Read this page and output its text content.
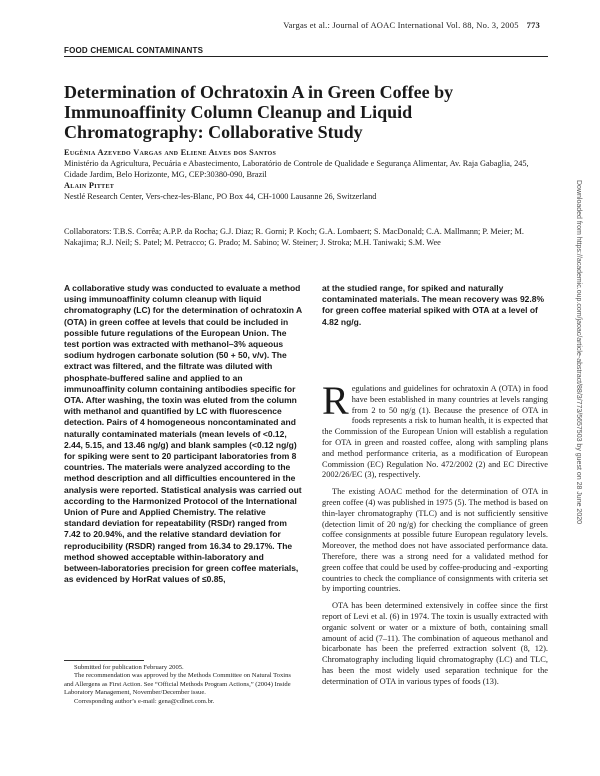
Vargas et al.: Journal of AOAC International Vol. 88, No. 3, 2005 773
FOOD CHEMICAL CONTAMINANTS
Determination of Ochratoxin A in Green Coffee by Immunoaffinity Column Cleanup and Liquid Chromatography: Collaborative Study
Eugênia Azevedo Vargas and Eliene Alves dos Santos
Ministério da Agricultura, Pecuária e Abastecimento, Laboratório de Controle de Qualidade e Segurança Alimentar, Av. Raja Gabaglia, 245, Cidade Jardim, Belo Horizonte, MG, CEP:30380-090, Brazil
Alain Pittet
Nestlé Research Center, Vers-chez-les-Blanc, PO Box 44, CH-1000 Lausanne 26, Switzerland
Collaborators: T.B.S. Corrêa; A.P.P. da Rocha; G.J. Diaz; R. Gorni; P. Koch; G.A. Lombaert; S. MacDonald; C.A. Mallmann; P. Meier; M. Nakajima; R.J. Neil; S. Patel; M. Petracco; G. Prado; M. Sabino; W. Steiner; J. Stroka; M.H. Taniwaki; S.M. Wee
A collaborative study was conducted to evaluate a method using immunoaffinity column cleanup with liquid chromatography (LC) for the determination of ochratoxin A (OTA) in green coffee at levels that could be included in possible future regulations of the European Union. The test portion was extracted with methanol–3% aqueous sodium hydrogen carbonate solution (50 + 50, v/v). The extract was filtered, and the filtrate was diluted with phosphate-buffered saline and applied to an immunoaffinity column containing antibodies specific for OTA. After washing, the toxin was eluted from the column with methanol and quantified by LC with fluorescence detection. Pairs of 4 homogeneous noncontaminated and naturally contaminated materials (mean levels of <0.12, 2.44, 5.15, and 13.46 ng/g) and blank samples (<0.12 ng/g) for spiking were sent to 20 participant laboratories from 8 countries. The materials were analyzed according to the method description and all difficulties encountered in the analysis were reported. Statistical analysis was carried out according to the Harmonized Protocol of the International Union of Pure and Applied Chemistry. The relative standard deviation for repeatability (RSDr) ranged from 7.42 to 20.94%, and the relative standard deviation for reproducibility (RSDR) ranged from 16.34 to 29.17%. The method showed acceptable within-laboratory and between-laboratories precision for green coffee materials, as evidenced by HorRat values of ≤0.85,
at the studied range, for spiked and naturally contaminated materials. The mean recovery was 92.8% for green coffee material spiked with OTA at a level of 4.82 ng/g.

Regulations and guidelines for ochratoxin A (OTA) in food have been established in many countries at levels ranging from 2 to 50 ng/g (1). Because the presence of OTA in foods represents a risk to human health, it is expected that the Commission of the European Union will establish a regulation for OTA in green and roasted coffee, along with sampling plans and method performance criteria, as a modification of European Commission (EC) Regulation No. 472/2002 (2) and EC Directive 2002/26/EC (3), respectively.

The existing AOAC method for the determination of OTA in green coffee (4) was published in 1975 (5). The method is based on thin-layer chromatography (TLC) and is not sufficiently sensitive (detection limit of 20 ng/g) for checking the compliance of green coffee consignments at possible future European regulatory levels. Moreover, the method does not have associated performance data. Therefore, there was a strong need for a validated method for green coffee that could be used by coffee-producing and -exporting countries to check the compliance of consignments with criteria set by importing countries.

OTA has been determined extensively in coffee since the first report of Levi et al. (6) in 1974. The toxin is usually extracted with organic solvent or water or a mixture of both, containing small amount of acid (7–11). The combination of aqueous methanol and bicarbonate has been the preferred extraction solvent (8, 12). Chromatography including liquid chromatography (LC) and TLC, has been the most widely used separation technique for the determination of OTA in various types of foods (13).

Submitted for publication February 2005.
The recommendation was approved by the Methods Committee on Natural Toxins and Allergens as First Action. See “Official Methods Program Actions,” (2004) Inside Laboratory Management, November/December issue.
Corresponding author’s e-mail: gena@cdlnet.com.br.
Downloaded from https://academic.oup.com/jaoac/article-abstract/88/3/773/5657503 by guest on 28 June 2020
